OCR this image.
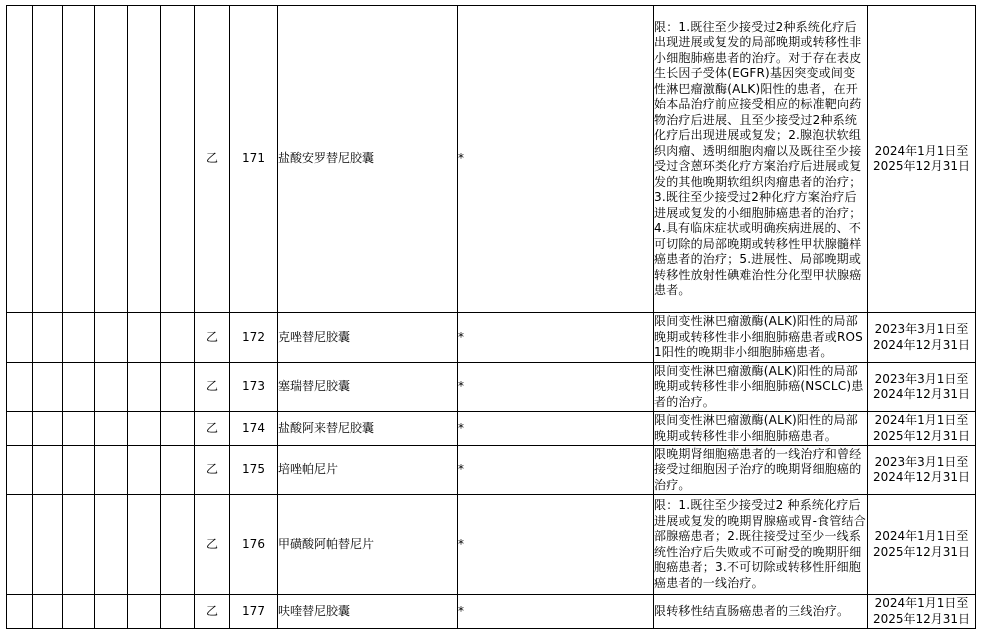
						乙	171	盐酸安罗替尼胶囊	*	限：1.既往至少接受过2种系统化疗后出现进展或复发的局部晚期或转移性非小细胞肺癌患者的治疗。对于存在表皮生长因子受体(EGFR)基因突变或间变性淋巴瘤激酶(ALK)阳性的患者，在开始本品治疗前应接受相应的标准靶向药物治疗后进展、且至少接受过2种系统化疗后出现进展或复发；2.腺泡状软组织肉瘤、透明细胞肉瘤以及既往至少接受过含蒽环类化疗方案治疗后进展或复发的其他晚期软组织肉瘤患者的治疗；3.既往至少接受过2种化疗方案治疗后进展或复发的小细胞肺癌患者的治疗；4.具有临床症状或明确疾病进展的、不可切除的局部晚期或转移性甲状腺髓样癌患者的治疗；5.进展性、局部晚期或转移性放射性碘难治性分化型甲状腺癌患者。	2024年1月1日至
2025年12月31日

						乙	172	克唑替尼胶囊	*	限间变性淋巴瘤激酶(ALK)阳性的局部晚期或转移性非小细胞肺癌患者或ROS1阳性的晚期非小细胞肺癌患者。	2023年3月1日至
2024年12月31日

						乙	173	塞瑞替尼胶囊	*	限间变性淋巴瘤激酶(ALK)阳性的局部晚期或转移性非小细胞肺癌(NSCLC)患者的治疗。	2023年3月1日至
2024年12月31日

						乙	174	盐酸阿来替尼胶囊	*	限间变性淋巴瘤激酶(ALK)阳性的局部晚期或转移性非小细胞肺癌患者。	2024年1月1日至
2025年12月31日

						乙	175	培唑帕尼片	*	限晚期肾细胞癌患者的一线治疗和曾经接受过细胞因子治疗的晚期肾细胞癌的治疗。	2023年3月1日至
2024年12月31日

						乙	176	甲磺酸阿帕替尼片	*	限：1.既往至少接受过2 种系统化疗后进展或复发的晚期胃腺癌或胃-食管结合部腺癌患者；2.既往接受过至少一线系统性治疗后失败或不可耐受的晚期肝细胞癌患者；3.不可切除或转移性肝细胞癌患者的一线治疗。	2024年1月1日至
2025年12月31日

						乙	177	呋喹替尼胶囊	*	限转移性结直肠癌患者的三线治疗。	2024年1月1日至
2025年12月31日
